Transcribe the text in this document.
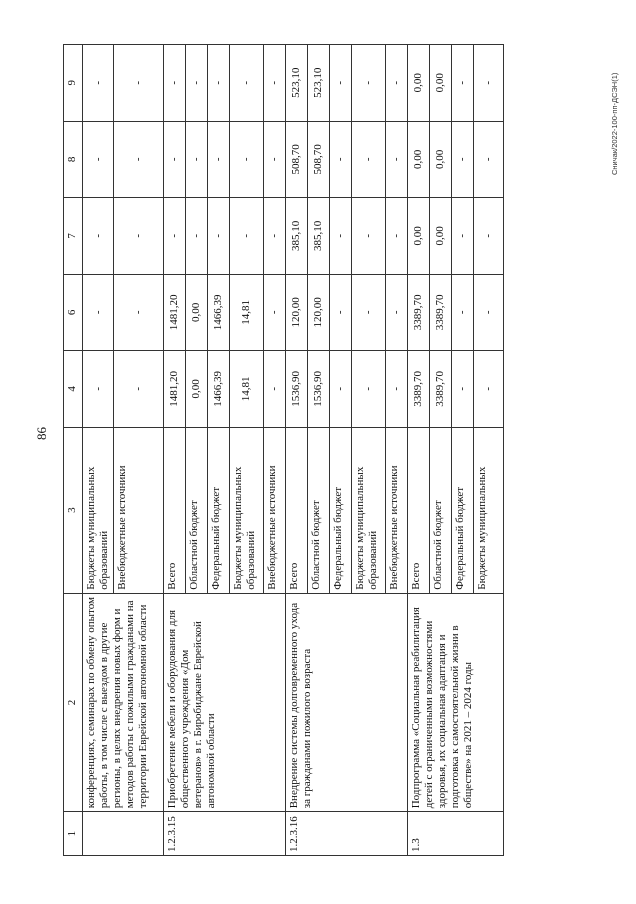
86
Сничак/2022-100-пп-ДСЭН(1)
1	2	3	4	6	7	8	9
	конференциях, семинарах по обмену опытом работы, в том числе с выездом в другие регионы, в целях внедрения новых форм и методов работы с пожилыми гражданами на территории Еврейской автономной области	Бюджеты муниципальных образований	-	-	-	-	-
		Внебюджетные источники	-	-	-	-	-
1.2.3.15	Приобретение мебели и оборудования для общественного учреждения «Дом ветеранов» в г. Биробиджане Еврейской автономной области	Всего	1481,20	1481,20	-	-	-
		Областной бюджет	0,00	0,00	-	-	-
		Федеральный бюджет	1466,39	1466,39	-	-	-
		Бюджеты муниципальных образований	14,81	14,81	-	-	-
		Внебюджетные источники	-	-	-	-	-
1.2.3.16	Внедрение системы долговременного ухода за гражданами пожилого возраста	Всего	1536,90	120,00	385,10	508,70	523,10
		Областной бюджет	1536,90	120,00	385,10	508,70	523,10
		Федеральный бюджет	-	-	-	-	-
		Бюджеты муниципальных образований	-	-	-	-	-
		Внебюджетные источники	-	-	-	-	-
1.3	Подпрограмма «Социальная реабилитация детей с ограниченными возможностями здоровья, их социальная адаптация и подготовка к самостоятельной жизни в обществе» на 2021 – 2024 годы	Всего	3389,70	3389,70	0,00	0,00	0,00
		Областной бюджет	3389,70	3389,70	0,00	0,00	0,00
		Федеральный бюджет	-	-	-	-	-
		Бюджеты муниципальных	-	-	-	-	-
